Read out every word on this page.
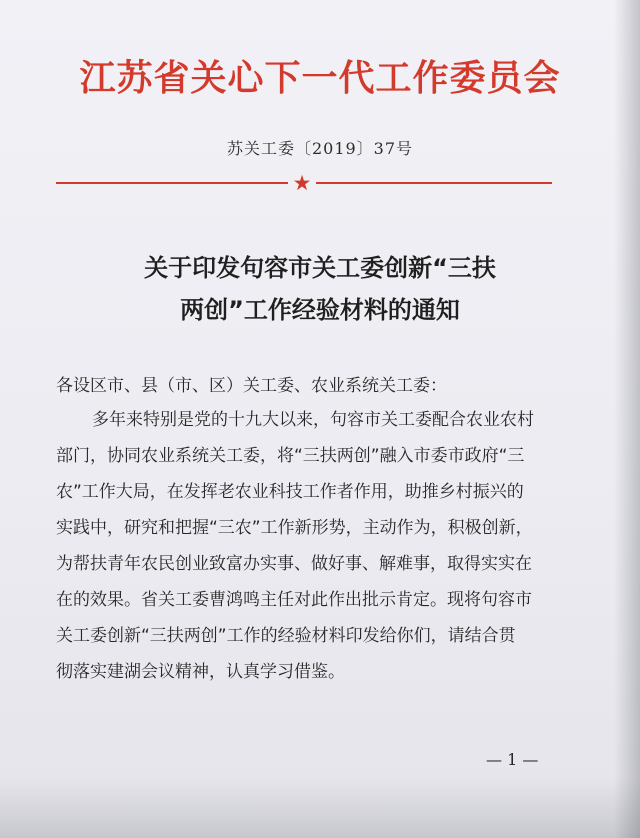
江苏省关心下一代工作委员会
苏关工委〔2019〕37号
★
关于印发句容市关工委创新“三扶
两创”工作经验材料的通知
各设区市、县（市、区）关工委、农业系统关工委：
多年来特别是党的十九大以来，句容市关工委配合农业农村
部门，协同农业系统关工委，将“三扶两创”融入市委市政府“三
农”工作大局，在发挥老农业科技工作者作用，助推乡村振兴的
实践中，研究和把握“三农”工作新形势，主动作为，积极创新，
为帮扶青年农民创业致富办实事、做好事、解难事，取得实实在
在的效果。省关工委曹鸿鸣主任对此作出批示肯定。现将句容市
关工委创新“三扶两创”工作的经验材料印发给你们，请结合贯
彻落实建湖会议精神，认真学习借鉴。
— 1 —
